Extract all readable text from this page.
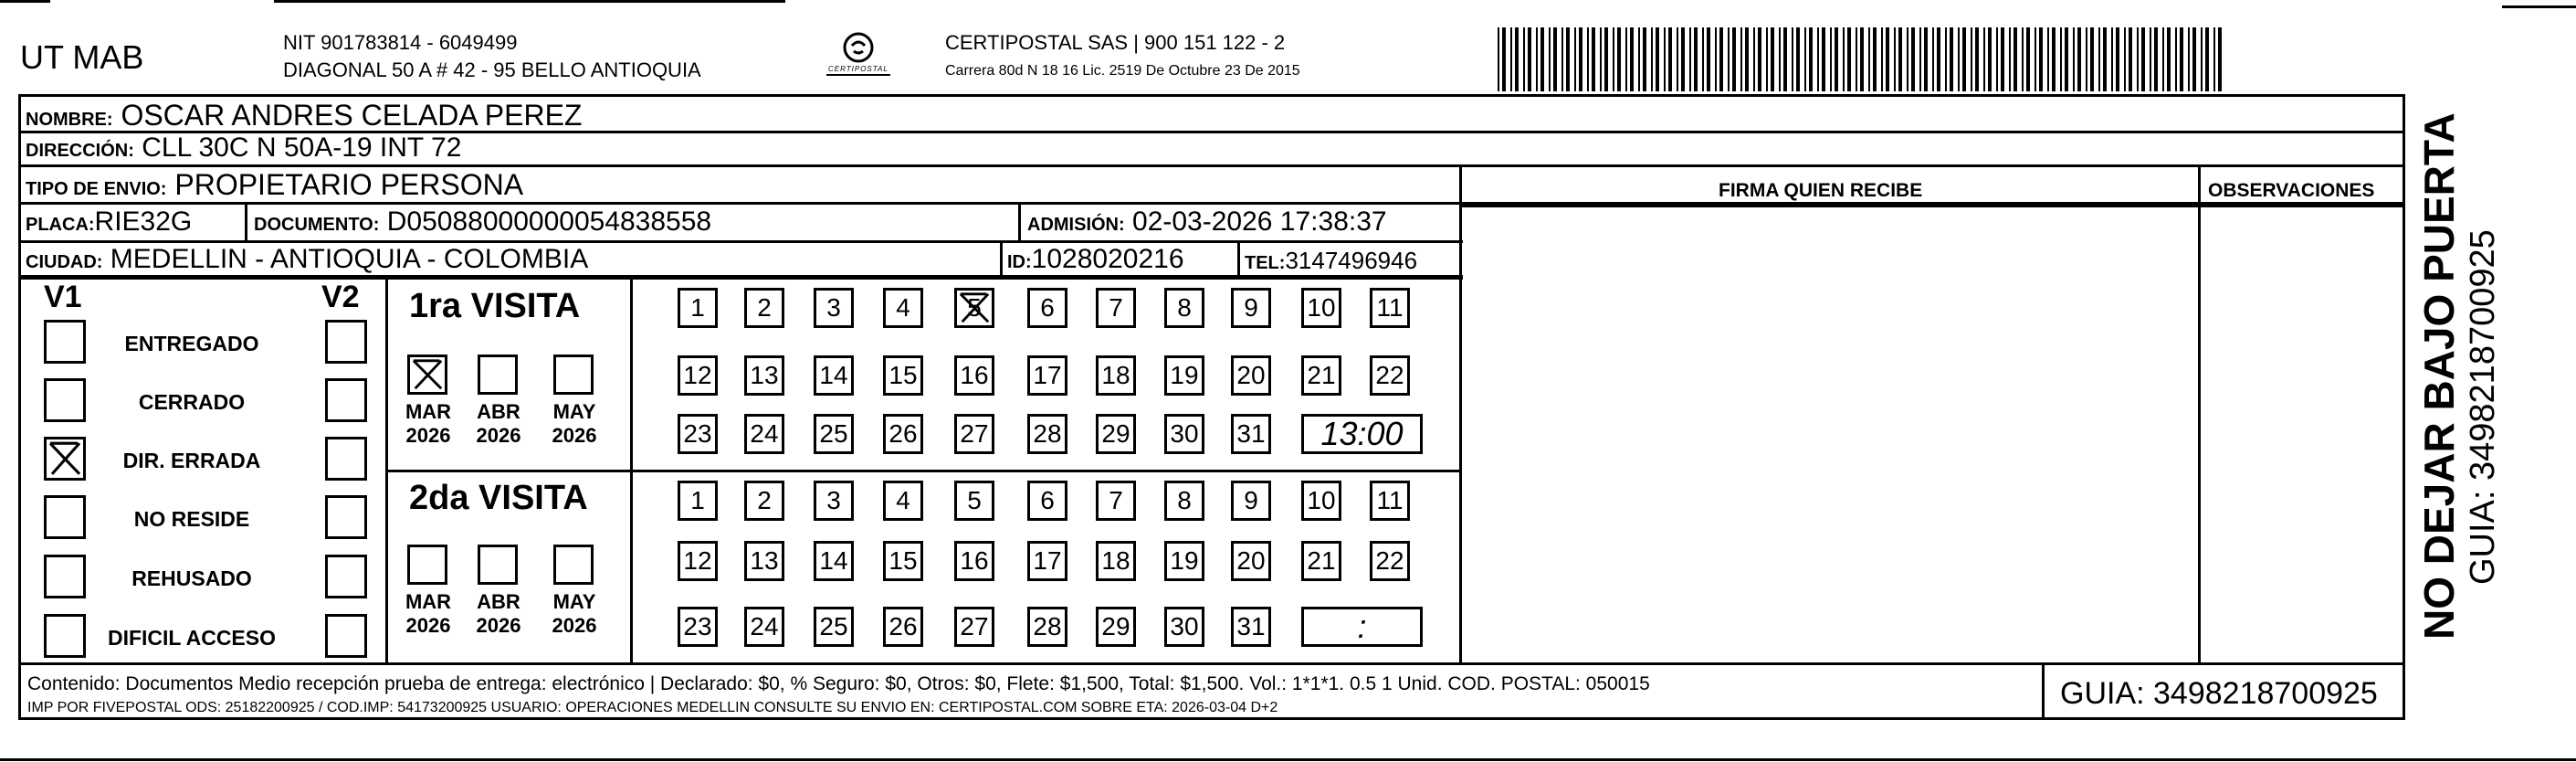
UT MAB	NIT 901783814 - 6049499
DIAGONAL 50 A # 42 - 95 BELLO ANTIOQUIA	CERTIPOSTAL
CERTIPOSTAL SAS | 900 151 122 - 2
Carrera 80d N 18 16 Lic. 2519 De Octubre 23 De 2015
NOMBRE: OSCAR ANDRES CELADA PEREZ
DIRECCIÓN: CLL 30C N 50A-19 INT 72
TIPO DE ENVIO: PROPIETARIO PERSONA
PLACA:RIE32G	DOCUMENTO: D05088000000054838558	ADMISIÓN: 02-03-2026 17:38:37
CIUDAD: MEDELLIN - ANTIOQUIA - COLOMBIA	ID:1028020216	TEL:3147496946
FIRMA QUIEN RECIBE	OBSERVACIONES
V1	V2
ENTREGADO
CERRADO
DIR. ERRADA
NO RESIDE
REHUSADO
DIFICIL ACCESO
1ra VISITA
2da VISITA
MAR
2026
ABR
2026
MAY
2026
MAR
2026
ABR
2026
MAY
2026
1	2	3	4	5	6	7	8	9	10 11
12 13 14 15 16 17 18 19 20 21 22
23 24 25 26 27 28 29 30 31	13:00
1	2	3	4	5	6	7	8	9	10 11
12 13 14 15 16 17 18 19 20 21 22
23 24 25 26 27 28 29 30 31	:
Contenido: Documentos Medio recepción prueba de entrega: electrónico | Declarado: $0, % Seguro: $0, Otros: $0, Flete: $1,500, Total: $1,500. Vol.: 1*1*1. 0.5 1 Unid. COD. POSTAL: 050015
IMP POR FIVEPOSTAL ODS: 25182200925 / COD.IMP: 54173200925 USUARIO: OPERACIONES MEDELLIN CONSULTE SU ENVIO EN: CERTIPOSTAL.COM SOBRE ETA: 2026-03-04 D+2	GUIA: 3498218700925
NO DEJAR BAJO PUERTA GUIA: 3498218700925
